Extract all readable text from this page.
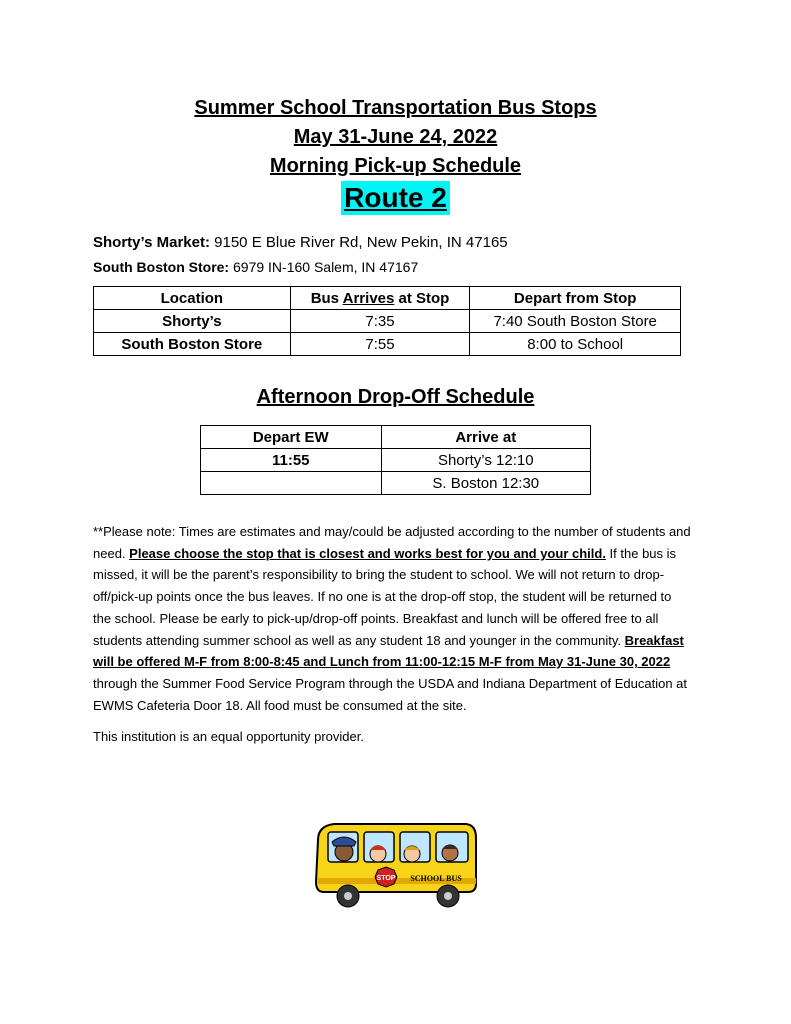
Summer School Transportation Bus Stops
May 31-June 24, 2022
Morning Pick-up Schedule
Route 2
Shorty’s Market: 9150 E Blue River Rd, New Pekin, IN 47165
South Boston Store: 6979 IN-160 Salem, IN 47167
Location	Bus Arrives at Stop	Depart from Stop
Shorty’s	7:35	7:40 South Boston Store
South Boston Store	7:55	8:00 to School
Afternoon Drop-Off Schedule
Depart EW	Arrive at
11:55	Shorty’s 12:10
	S. Boston 12:30

**Please note: Times are estimates and may/could be adjusted according to the number of students and need. Please choose the stop that is closest and works best for you and your child. If the bus is missed, it will be the parent’s responsibility to bring the student to school. We will not return to drop-off/pick-up points once the bus leaves. If no one is at the drop-off stop, the student will be returned to the school. Please be early to pick-up/drop-off points. Breakfast and lunch will be offered free to all students attending summer school as well as any student 18 and younger in the community. Breakfast will be offered M-F from 8:00-8:45 and Lunch from 11:00-12:15 M-F from May 31-June 30, 2022 through the Summer Food Service Program through the USDA and Indiana Department of Education at EWMS Cafeteria Door 18. All food must be consumed at the site.

This institution is an equal opportunity provider.

STOP SCHOOL BUS
